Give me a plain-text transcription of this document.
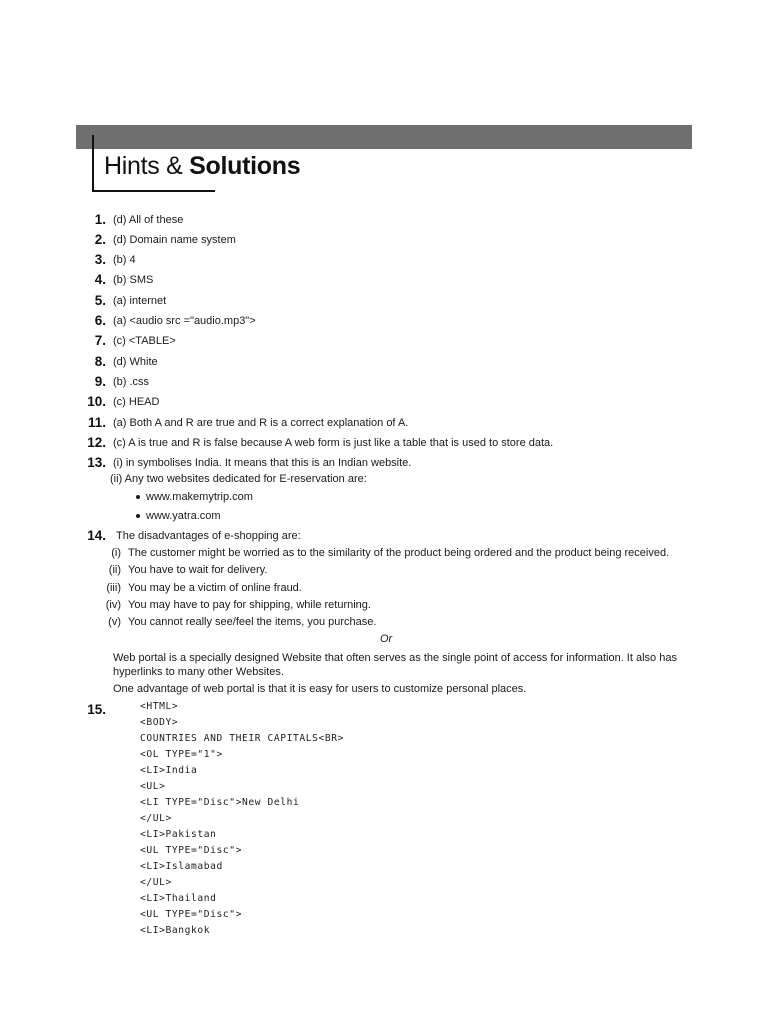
Hints & Solutions
1. (d) All of these
2. (d) Domain name system
3. (b) 4
4. (b) SMS
5. (a) internet
6. (a) <audio src ="audio.mp3">
7. (c) <TABLE>
8. (d) White
9. (b) .css
10. (c) HEAD
11. (a) Both A and R are true and R is a correct explanation of A.
12. (c) A is true and R is false because A web form is just like a table that is used to store data.
13. (i) in symbolises India. It means that this is an Indian website.
(ii) Any two websites dedicated for E-reservation are:
www.makemytrip.com
www.yatra.com
14. The disadvantages of e-shopping are:
(i) The customer might be worried as to the similarity of the product being ordered and the product being received.
(ii) You have to wait for delivery.
(iii) You may be a victim of online fraud.
(iv) You may have to pay for shipping, while returning.
(v) You cannot really see/feel the items, you purchase.
Or
Web portal is a specially designed Website that often serves as the single point of access for information. It also has hyperlinks to many other Websites.
One advantage of web portal is that it is easy for users to customize personal places.
15.	<HTML>
<BODY>
COUNTRIES AND THEIR CAPITALS<BR>
<OL TYPE="1">
<LI>India
<UL>
<LI TYPE="Disc">New Delhi
</UL>
<LI>Pakistan
<UL TYPE="Disc">
<LI>Islamabad
</UL>
<LI>Thailand
<UL TYPE="Disc">
<LI>Bangkok
